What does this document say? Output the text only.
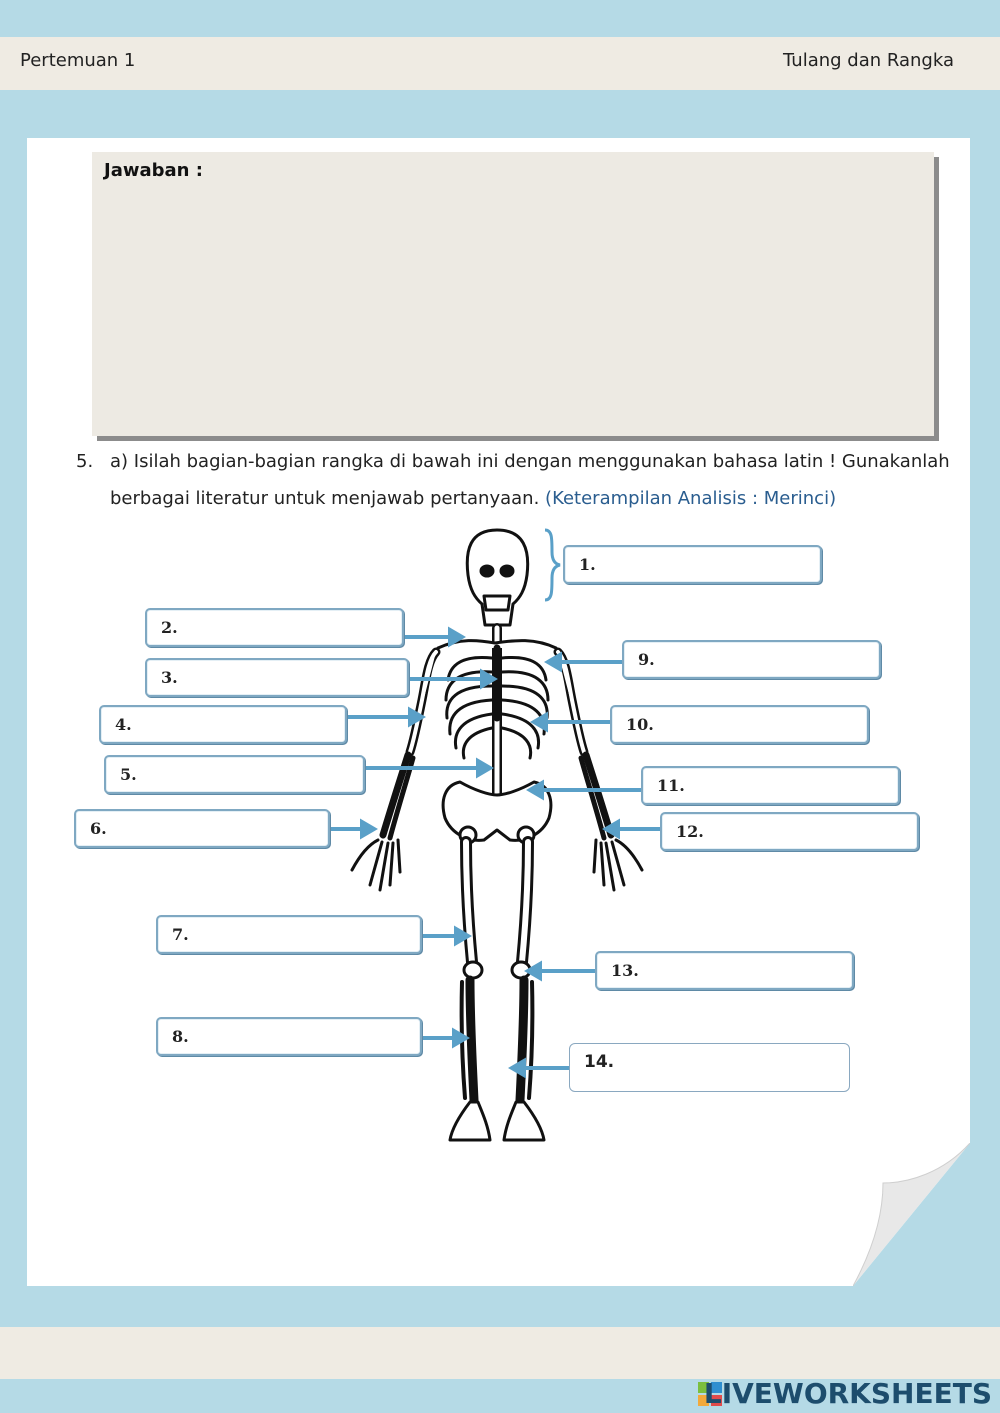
Pertemuan 1	Tulang dan Rangka
Jawaban :
5. a) Isilah bagian-bagian rangka di bawah ini dengan menggunakan bahasa latin ! Gunakanlah
berbagai literatur untuk menjawab pertanyaan. (Keterampilan Analisis : Merinci)
1.
2.
3.
4.
5.
6.
7.
8.
9.
10.
11.
12.
13.
14.
LIVEWORKSHEETS
